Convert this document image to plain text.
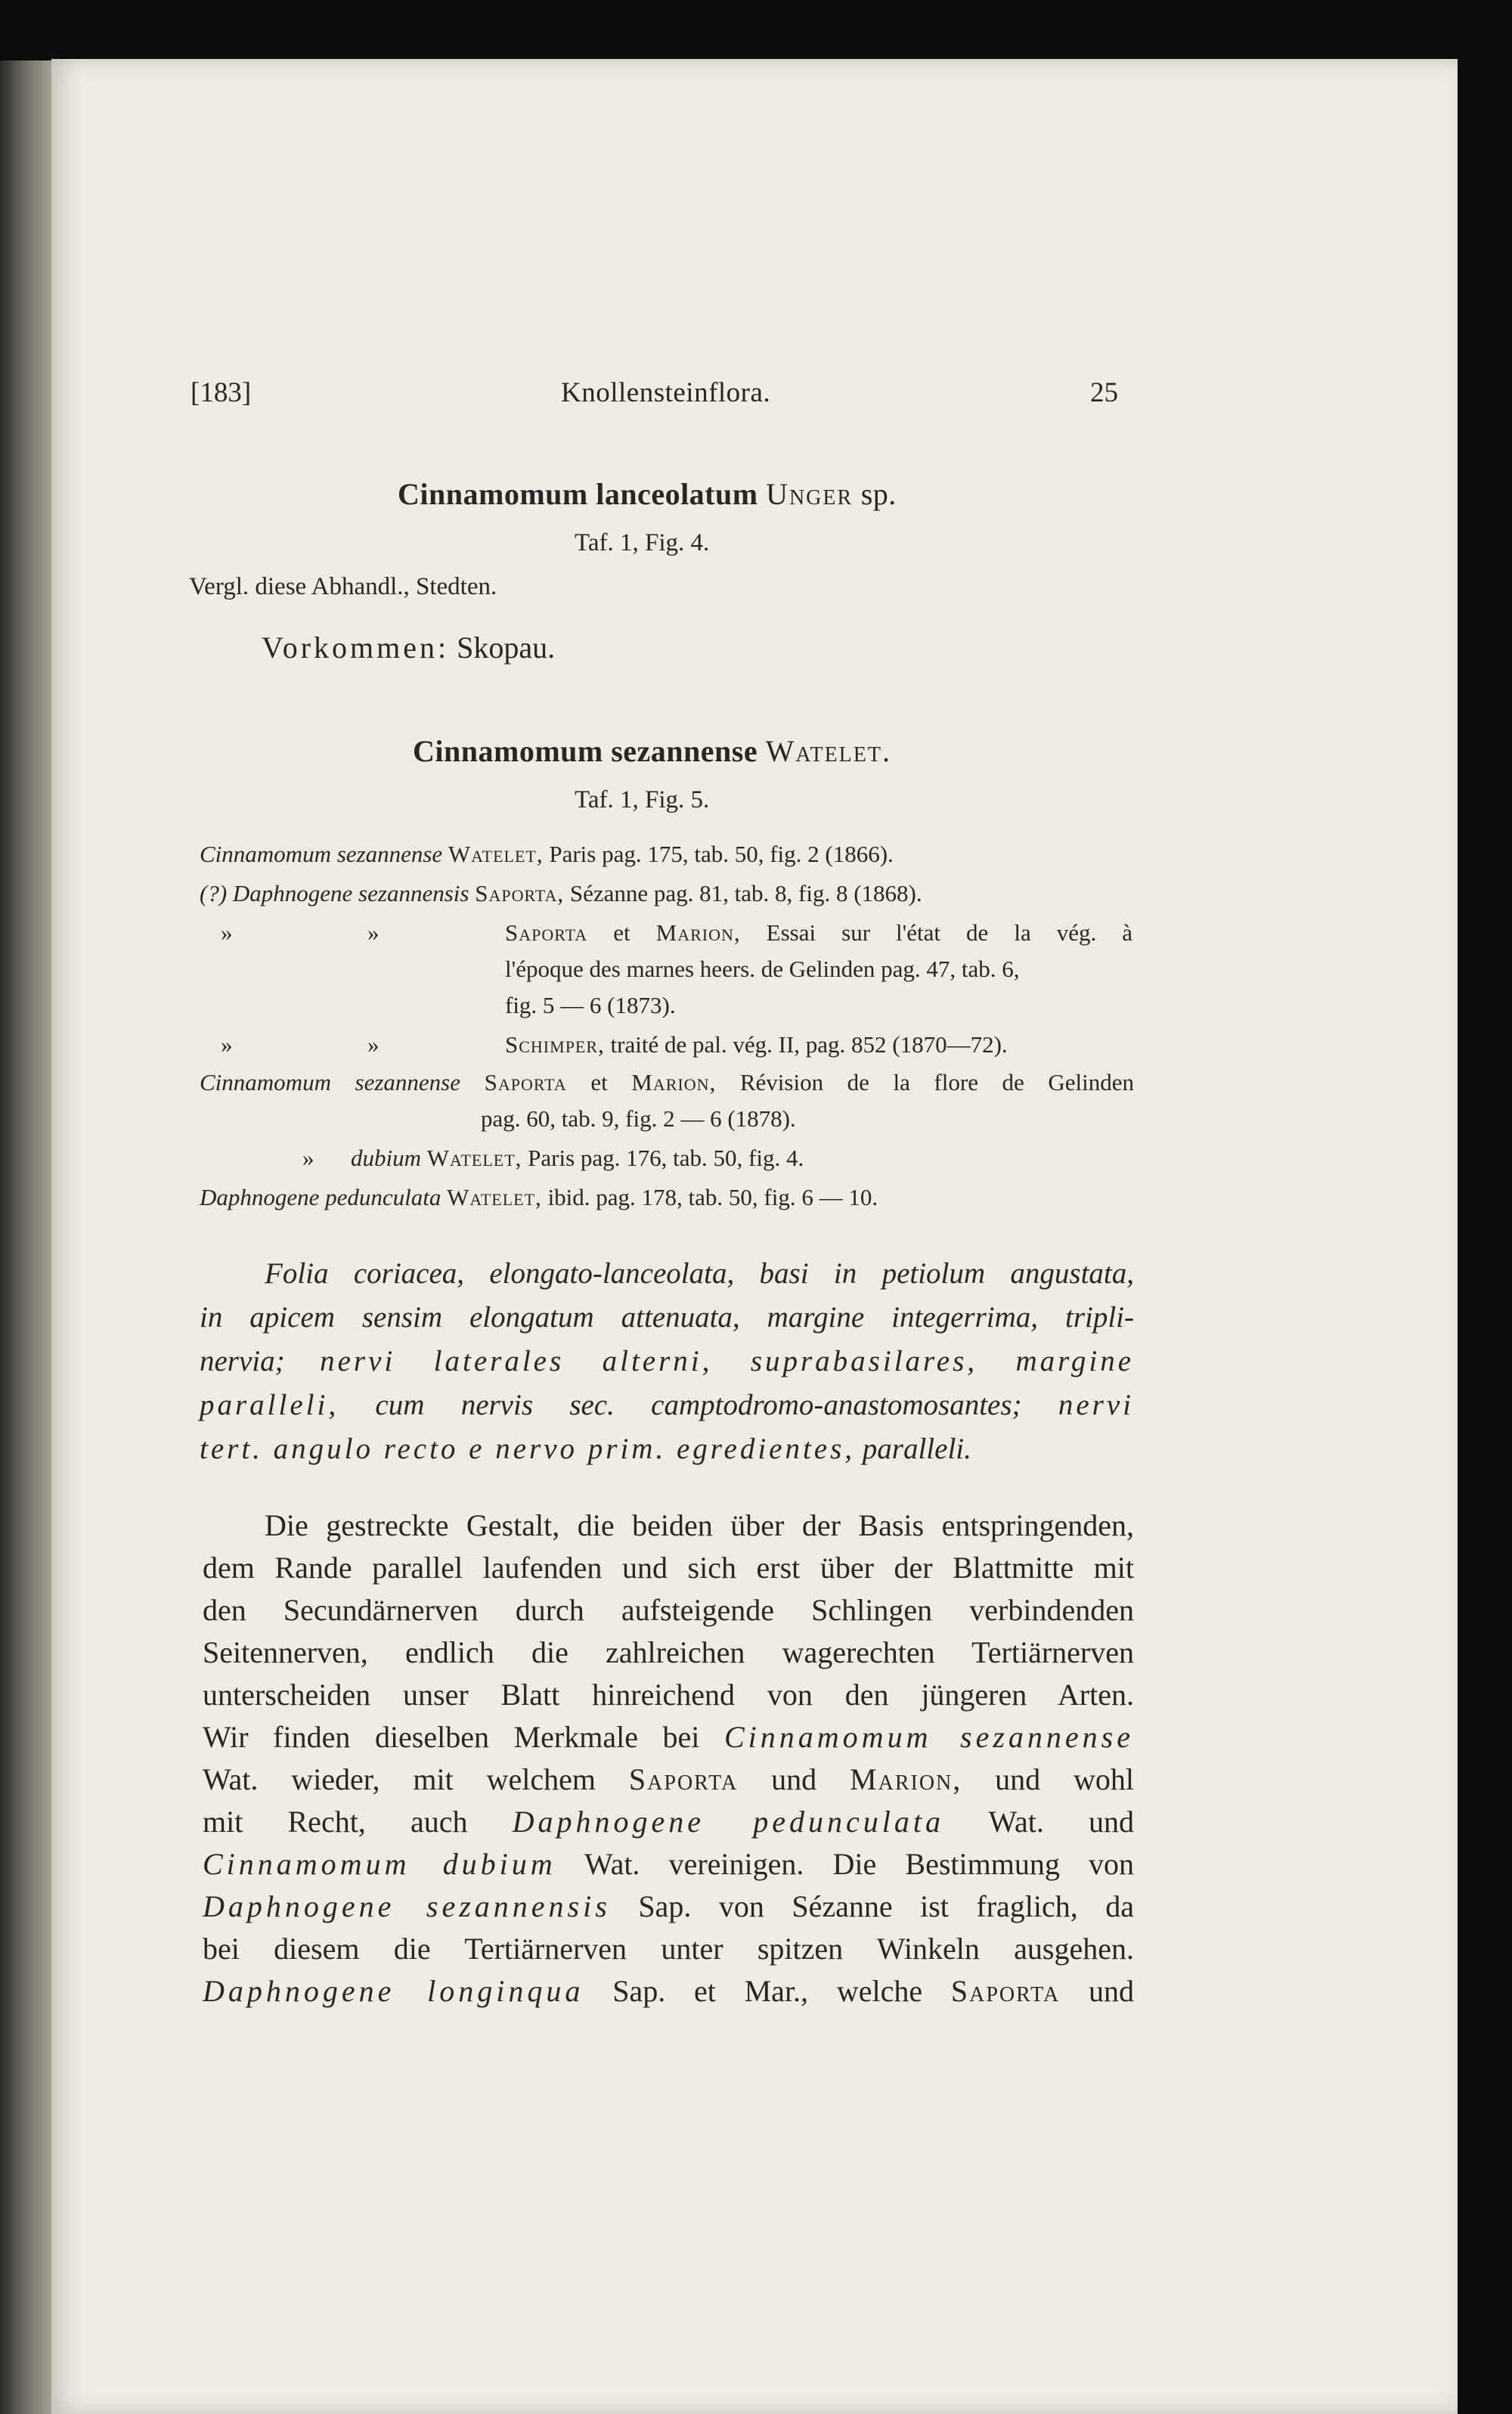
[183]	Knollensteinflora.	25
Cinnamomum lanceolatum Unger sp.
Taf. 1, Fig. 4.
Vergl. diese Abhandl., Stedten.
Vorkommen: Skopau.
Cinnamomum sezannense Watelet.
Taf. 1, Fig. 5.
Cinnamomum sezannense Watelet, Paris pag. 175, tab. 50, fig. 2 (1866).
(?) Daphnogene sezannensis Saporta, Sézanne pag. 81, tab. 8, fig. 8 (1868).
»	»	Saporta et Marion, Essai sur l'état de la vég. à
l'époque des marnes heers. de Gelinden pag. 47, tab. 6,
fig. 5 — 6 (1873).
»	»	Schimper, traité de pal. vég. II, pag. 852 (1870—72).
Cinnamomum sezannense Saporta et Marion, Révision de la flore de Gelinden
pag. 60, tab. 9, fig. 2 — 6 (1878).
» dubium Watelet, Paris pag. 176, tab. 50, fig. 4.
Daphnogene pedunculata Watelet, ibid. pag. 178, tab. 50, fig. 6 — 10.
Folia coriacea, elongato-lanceolata, basi in petiolum angustata,
in apicem sensim elongatum attenuata, margine integerrima, tripli-
nervia; nervi laterales alterni, suprabasilares, margine
paralleli, cum nervis sec. camptodromo-anastomosantes; nervi
tert. angulo recto e nervo prim. egredientes, parallelі.
Die gestreckte Gestalt, die beiden über der Basis entspringenden,
dem Rande parallel laufenden und sich erst über der Blattmitte mit
den Secundärnerven durch aufsteigende Schlingen verbindenden
Seitennerven, endlich die zahlreichen wagerechten Tertiärnerven
unterscheiden unser Blatt hinreichend von den jüngeren Arten.
Wir finden dieselben Merkmale bei Cinnamomum sezannense
Wat. wieder, mit welchem Saporta und Marion, und wohl
mit Recht, auch Daphnogene pedunculata Wat. und
Cinnamomum dubium Wat. vereinigen. Die Bestimmung von
Daphnogene sezannensis Sap. von Sézanne ist fraglich, da
bei diesem die Tertiärnerven unter spitzen Winkeln ausgehen.
Daphnogene longinqua Sap. et Mar., welche Saporta und
